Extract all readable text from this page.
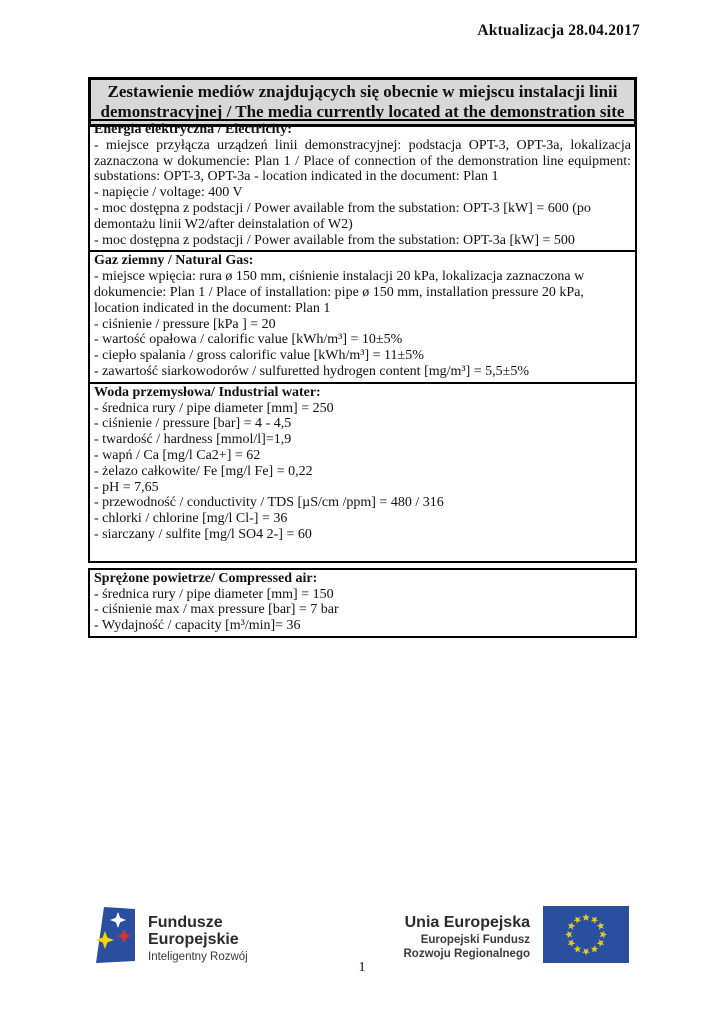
Aktualizacja 28.04.2017
Zestawienie mediów znajdujących się obecnie w miejscu instalacji linii demonstracyjnej / The media currently located at the demonstration site
Energia elektryczna / Electricity:
- miejsce przyłącza urządzeń linii demonstracyjnej: podstacja OPT-3, OPT-3a, lokalizacja zaznaczona w dokumencie: Plan 1 / Place of connection of the demonstration line equipment: substations: OPT-3, OPT-3a - location indicated in the document: Plan 1
- napięcie / voltage: 400 V
- moc dostępna z podstacji / Power available from the substation: OPT-3 [kW] = 600 (po demontażu linii W2/after deinstalation of W2)
- moc dostępna z podstacji / Power available from the substation: OPT-3a [kW] = 500
Gaz ziemny / Natural Gas:
- miejsce wpięcia: rura ø 150 mm, ciśnienie instalacji 20 kPa, lokalizacja zaznaczona w dokumencie: Plan 1 / Place of installation: pipe ø 150 mm, installation pressure 20 kPa, location indicated in the document: Plan 1
- ciśnienie / pressure [kPa ] = 20
- wartość opałowa / calorific value [kWh/m³] = 10±5%
- ciepło spalania / gross calorific value [kWh/m³] = 11±5%
- zawartość siarkowodorów / sulfuretted hydrogen content [mg/m³] = 5,5±5%
Woda przemysłowa/ Industrial water:
- średnica rury / pipe diameter [mm] = 250
- ciśnienie / pressure [bar] = 4 - 4,5
- twardość / hardness [mmol/l]=1,9
- wapń / Ca [mg/l Ca2+] = 62
- żelazo całkowite/ Fe [mg/l Fe] = 0,22
- pH = 7,65
- przewodność / conductivity / TDS [µS/cm /ppm] = 480 / 316
- chlorki / chlorine [mg/l Cl-] = 36
- siarczany / sulfite [mg/l SO4 2-] = 60
Sprężone powietrze/ Compressed air:
- średnica rury / pipe diameter [mm] = 150
- ciśnienie max / max pressure [bar] = 7 bar
- Wydajność / capacity [m³/min]= 36
Fundusze Europejskie
Inteligentny Rozwój
Unia Europejska
Europejski Fundusz Rozwoju Regionalnego
1
